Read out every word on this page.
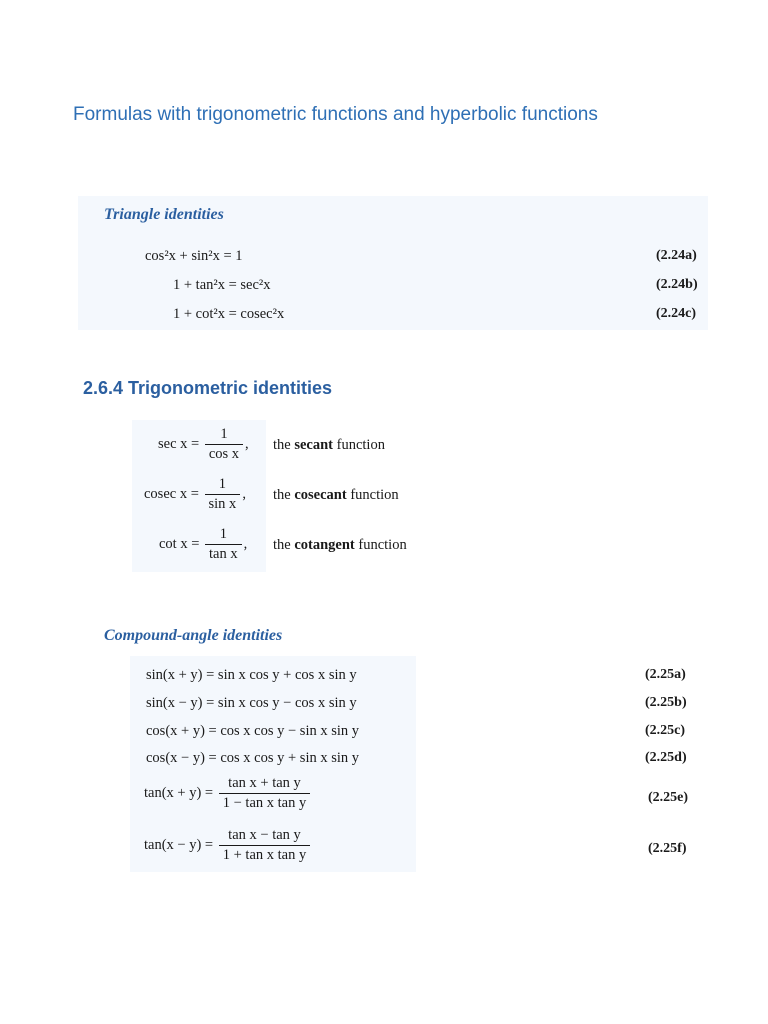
Formulas with trigonometric functions and hyperbolic functions
Triangle identities
cos²x + sin²x = 1	(2.24a)
1 + tan²x = sec²x	(2.24b)
1 + cot²x = cosec²x	(2.24c)
2.6.4 Trigonometric identities
$\sec x = \frac{1}{\text{cos x}}$ , the secant function
cosec $x = \frac{1}{\text{sin x}}$ , the cosecant function
$\cot x = \frac{1}{\text{tan x}}$ , the cotangent function
Compound-angle identities
sin(x + y) = sin x cos y + cos x sin y	(2.25a)
sin(x − y) = sin x cos y − cos x sin y	(2.25b)
cos(x + y) = cos x cos y − sin x sin y	(2.25c)
cos(x − y) = cos x cos y + sin x sin y	(2.25d)
$\tan(x + y) = \frac{\text{tan x + tan y}}{\text{1 − tan x tan y}}$	(2.25e)
$\tan(x - y) = \frac{\text{tan x − tan y}}{\text{1 + tan x tan y}}$	(2.25f)
